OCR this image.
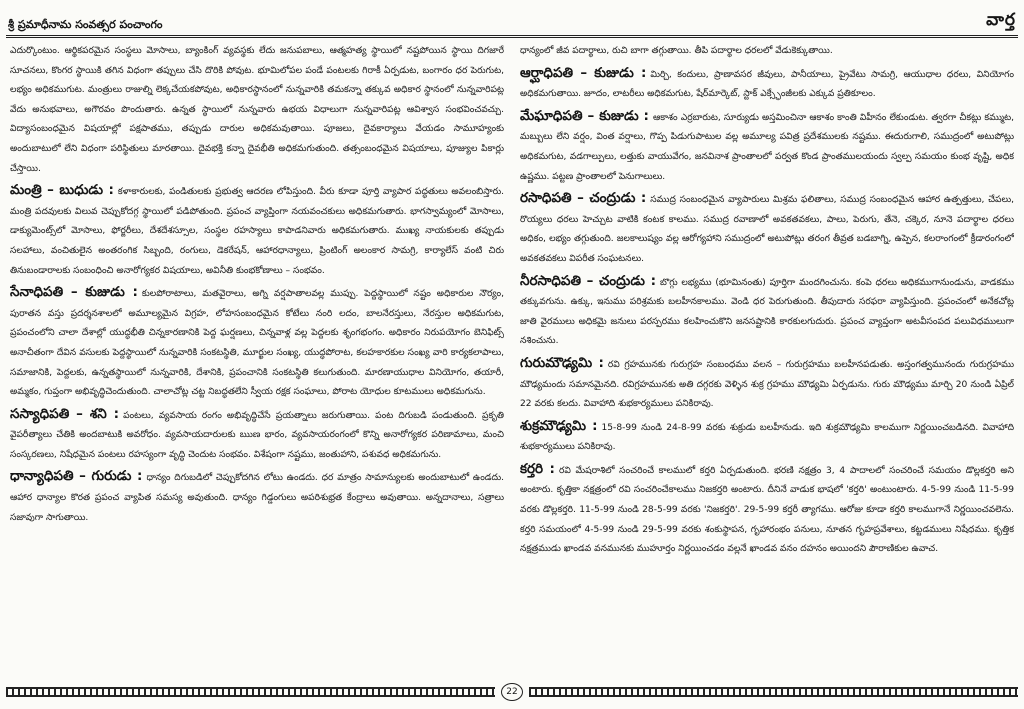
శ్రీ ప్రమాధీనామ సంవత్సర పంచాంగం	వార్త

ఎదుర్కొంటుం. ఆర్థికపరమైన సంస్థలు మోసాలు, బ్యాంకింగ్ వ్యవస్థకు లేదు జనుపబాలు, ఆత్మహత్య స్థాయిలో నష్టపోయిన స్థాయి దిగజారే సూచనలు, కొంగర స్థాయికి తగిన విధంగా తప్పులు చేసి దొరికి పోవుట. భూమిలోపల పండే పంటలకు గిరాకీ ఏర్పడుట, బంగారం ధర పెరుగుట, లభ్యం అధికముగుట. మంత్రులు రాజుల్ని లెక్కచేయకపోవుట, అధికారస్థానంలో నున్నవారికి తమకన్నా తక్కువ అధికార స్థానంలో నున్నవారిపట్ల వేదు అనుభవాలు, అగౌరవం పొందుతారు. ఉన్నత స్థాయిలో నున్నవారు ఉభయ విధాలుగా నున్నవారిపట్ల ఆవిశ్వాస సంభవించవచ్చు. విద్యాసంబంధమైన విషయాల్లో పక్షపాతము, తప్పుడు దారుల అధికమవుతాయి. పూజలు, దైవకార్యాలు వేయడం సామూహ్యంకు అందుబాటులో లేని విధంగా పరిస్థితులు మారతాయి. దైవభక్తి కన్నా దైవభీతి అధికమగుతుంది. తత్సంబంధమైన విషయాలు, పూజ్యుల పికార్లు చేస్తాయి.

మంత్రి – బుధుడు : కళాకారులకు, పండితులకు ప్రభుత్వ ఆదరణ లోపిస్తుంది. వీరు కూడా పూర్తి వ్యాపార పద్ధతులు అవలంబిస్తారు. మంత్రి పదవులకు విలువ చెప్పుకోదగ్గ స్థాయిలో పడిపోతుంది. ప్రపంచ వ్యాప్తింగా నయవంచకులు అధికమగుతారు. భాగస్వామ్యంలో మోసాలు, డాక్యుమెంట్స్‌లో మోసాలు, ఫోర్జరీలు, దేశదేశస్సూల, సంస్థల రహస్యాలు కాపాడనివారు అధికమగుతారు. ముఖ్య నాయకులకు తప్పుడు సలహాలు, వంచితులైన అంతరంగిక సిబ్బంది, రంగులు, డెకరేషన్, ఆహారధాన్యాలు, ప్రింటింగ్ అలంకార సామగ్రి, కార్యాలేస్ వంటి చిరు తినుబండారాలకు సంబంధించి అనారోగ్యకర విషయాలు, అవినీతి కుంభకోణాలు – సంభవం.

సేనాధిపతి – కుజుడు : కులపోరాటాలు, మతవైరాలు, అగ్ని వర్షపాతాలవల్ల ముప్పు. పెద్దస్థాయిలో నష్టం అధికారుల నౌర్యం, పురాతన వస్తు ప్రదర్శనశాలలో అమూల్యమైన విగ్రహ, లోహసంబంధమైన కోటేలు నంరి లదం, బాలనేరస్తులు, నేరస్తుల అధికమగుట, ప్రపంచంలోని చాలా దేశాల్లో యుద్ధభీతి చిన్నకారణానికి పెద్ద ఘర్షణలు, చిన్నవాళ్ల వల్ల పెద్దలకు శృంగభంగం. అధికారం నిరుపయోగం బెనిఫిట్స్ అనాచీతంగా దేవిన వసులకు పెద్దస్థాయిలో నున్నవారికి సంకటస్థితి, మూర్ఖుల సంఖ్య, యుద్ధపోరాట, కలహకారకుల సంఖ్య వారి కార్యకలాపాలు, సమాజానికి, పెద్దలకు, ఉన్నతస్థాయిలో నున్నవారికి, దేశానికి, ప్రపంచానికి సంకటస్థితి కలుగుతుంది. మారణాయుధాల వినియోగం, తయారీ, అమ్మకం, గుప్తంగా అభివృద్ధిచెందుతుంది. చాలాచోట్ల చట్ట నిబద్ధతలేని స్వీయ రక్షక సంఘాలు, పోరాట యోధుల కూటములు అధికమగును.

సస్యాధిపతి – శని : పంటలు, వ్యవసాయ రంగం అభివృద్ధిచేసే ప్రయత్నాలు జరుగుతాయి. పంట దిగుబడి పండుతుంది. ప్రకృతి వైపరీత్యాలు చేతికి అందబాటుకి అవరోధం. వ్యవసాయదారులకు ఋణ భారం, వ్యవసాయరంగంలో కొన్ని అనారోగ్యకర పరిణామాలు, మంచి సంస్కరణలు, నిషేధమైన పంటలు రహస్యంగా వృద్ధి చెందుట సంభవం. విశేషంగా నష్టము, జంతుహాని, పశువధ అధికమగును.

ధాన్యాధిపతి – గురుడు : ధాన్యం దిగుబడిలో చెప్పుకోదగిన లోటు ఉండదు. ధర మాత్రం సామాన్యులకు అందుబాటులో ఉండదు. ఆహార ధాన్యాల కొరత ప్రపంచ వ్యాపిత సమస్య అవుతుంది. ధాన్యం గిడ్డంగులు అపరిశుభ్రత కేంద్రాలు అవుతాయి. అన్నదానాలు, సత్రాలు సజావుగా సాగుతాయి.

ధాన్యంలో జీవ పదార్థాలు, రుచి బాగా తగ్గుతాయి. తీపి పదార్థాల ధరలలో వేడుకెక్కుతాయి.

ఆర్ఘాధిపతి – కుజుడు : మిర్చి, కందులు, ప్రాణావసర జీవులు, పానీయాలు, ప్రైవేటు సామగ్రి, ఆయుధాల ధరలు, వినియోగం అధికమగుతాయి. జూదం, లాటరీలు అధికమగుట, షేర్‌మార్కెట్, స్టాక్ ఎక్స్ఛేంజీలకు ఎక్కువ ప్రతికూలం.

మేఘాధిపతి – కుజుడు : ఆకాశం ఎర్రబారుట, సూర్యుడు అస్తమించినా ఆకాశం కాంతి విహీనం లేకుండుట. త్వరగా చీకట్లు కమ్ముట, మబ్బులు లేని వర్షం, వింత వర్షాలు, గొప్ప పిడుగుపాటుల వల్ల అమూల్య పవిత్ర ప్రదేశములకు నష్టము. ఈదురుగాలి, సముద్రంలో అటుపోట్లు అధికమగుట, వడగాల్పులు, లత్తుకు వాయువేగం, జనవినాశ ప్రాంతాలలో పర్వత కొండ ప్రాంతములయందు స్వల్ప సమయం కుంభ వృష్టి, అధిక ఉష్ణము. పట్టణ ప్రాంతాలలో పెనుగాలులు.

రసాధిపతి – చంద్రుడు : సముద్ర సంబంధమైన వ్యాపారులు మిశ్రమ ఫలితాలు, సముద్ర సంబంధమైన ఆహార ఉత్పత్తులు, చేపలు, రొయ్యలు ధరలు హెచ్చుట వాటికి కంటక కాలము. సముద్ర రవాణాలో అవకతవకలు, పాలు, పెరుగు, తేనె, చక్కెర, నూనె పదార్థాల ధరలు అధికం, లభ్యం తగ్గుతుంది. జలకాలుష్యం వల్ల ఆరోగ్యహాని సముద్రంలో అటుపోట్లు తరంగ తీవ్రత బడబాగ్ని, ఉప్పెన, కలరాంగంలో క్రీడారంగంలో అవకతవకలు విపరీత సంఘటనలు.

నీరసాధిపతి – చంద్రుడు : బొగ్గు లభ్యము (భూమినంతు) పూర్తిగా మందగించును. కంపె ధరలు అధికముగానుండును, వాడకము తక్కువగును. ఉక్కు, ఇనుము పరిశ్రమకు బలహీనకాలము. వెండి ధర పెరుగుతుంది. తీపుదారు సరఫరా వ్యాపిస్తుంది. ప్రపంచంలో అనేకచోట్ల జాతి వైరములు అధికమై జనులు పరస్పరము కలహించుకొని జనసష్టానికి కారకులగుదురు. ప్రపంచ వ్యాప్తంగా అటవీసంపద పలువిధములుగా నశించును.

గురుమౌఢ్యమి : రవి గ్రహమునకు గురుగ్రహ సంబంధము వలన – గురుగ్రహము బలహీనపడుతు. అస్తంగత్వమునందు గురుగ్రహము మౌఢ్యమందు సమానమైనది. రవిగ్రహమునకు అతి దగ్గరకు వెళ్ళిన శుక్ర గ్రహము మౌఢ్యమి ఏర్పడును. గురు మౌఢ్యము మార్చి 20 నుండి ఏప్రిల్ 22 వరకు కలదు. వివాహాది శుభకార్యములు పనికిరావు.

శుక్రమౌఢ్యమి : 15-8-99 నుండి 24-8-99 వరకు శుక్రుడు బలహీనుడు. ఇది శుక్రమౌఢ్యమి కాలముగా నిర్ణయించబడినది. వివాహాది శుభకార్యములు పనికిరావు.

కర్తరి : రవి మేషరాశిలో సంచరించే కాలములో కర్తరి ఏర్పడుతుంది. భరణి నక్షత్రం 3, 4 పాదాలలో సంచరించే సమయం డొల్లకర్తరి అని అంటారు. కృత్తికా నక్షత్రంలో రవి సంచరించేకాలము నిజకర్తరి అంటారు. దీనినే వాడుక భాషలో 'కర్తరి' అంటుంటారు. 4-5-99 నుండి 11-5-99 వరకు డొల్లకర్తరి. 11-5-99 నుండి 28-5-99 వరకు 'నిజకర్తరి'. 29-5-99 కర్తరీ త్యాగము. ఆరోజు కూడా కర్తరి కాలముగానే నిర్ణయించవలెను. కర్తరి సమయంలో 4-5-99 నుండి 29-5-99 వరకు శంకుస్థాపన, గృహారంభం పనులు, నూతన గృహప్రవేశాలు, కట్టడములు నిషేధము. కృత్తిక నక్షత్రముడు ఖాండవ వనమునకు ముహూర్తం నిర్ణయించడం వల్లనే ఖాండవ వనం దహనం అయిందని పౌరాణికుల ఉవాచ.

22
